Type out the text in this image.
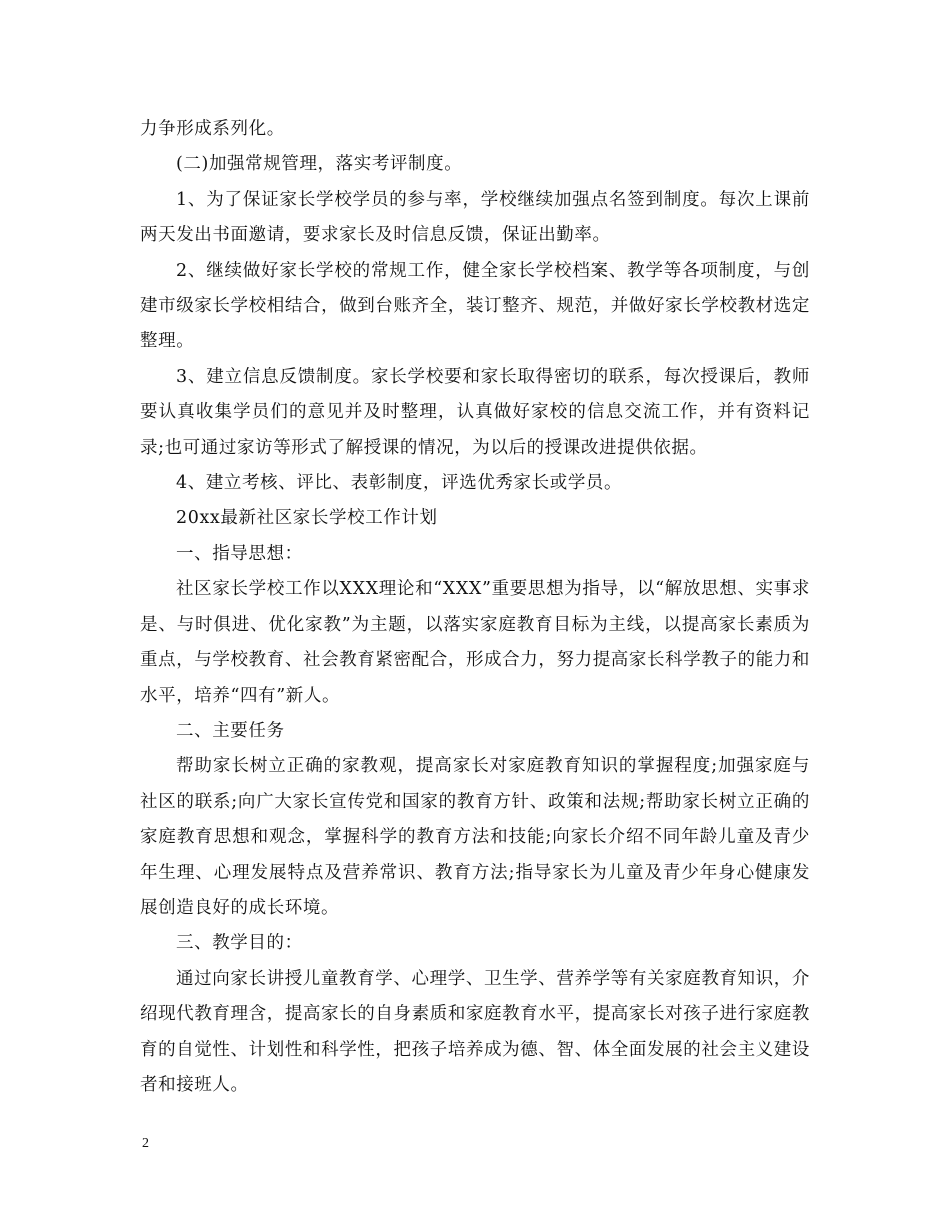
力争形成系列化。

(二)加强常规管理，落实考评制度。

1、为了保证家长学校学员的参与率，学校继续加强点名签到制度。每次上课前两天发出书面邀请，要求家长及时信息反馈，保证出勤率。

2、继续做好家长学校的常规工作，健全家长学校档案、教学等各项制度，与创建市级家长学校相结合，做到台账齐全，装订整齐、规范，并做好家长学校教材选定整理。

3、建立信息反馈制度。家长学校要和家长取得密切的联系，每次授课后，教师要认真收集学员们的意见并及时整理，认真做好家校的信息交流工作，并有资料记录;也可通过家访等形式了解授课的情况，为以后的授课改进提供依据。

4、建立考核、评比、表彰制度，评选优秀家长或学员。

20xx最新社区家长学校工作计划

一、指导思想：

社区家长学校工作以XXX理论和“XXX”重要思想为指导，以“解放思想、实事求是、与时俱进、优化家教”为主题，以落实家庭教育目标为主线，以提高家长素质为重点，与学校教育、社会教育紧密配合，形成合力，努力提高家长科学教子的能力和水平，培养“四有”新人。

二、主要任务

帮助家长树立正确的家教观，提高家长对家庭教育知识的掌握程度;加强家庭与社区的联系;向广大家长宣传党和国家的教育方针、政策和法规;帮助家长树立正确的家庭教育思想和观念，掌握科学的教育方法和技能;向家长介绍不同年龄儿童及青少年生理、心理发展特点及营养常识、教育方法;指导家长为儿童及青少年身心健康发展创造良好的成长环境。

三、教学目的：

通过向家长讲授儿童教育学、心理学、卫生学、营养学等有关家庭教育知识，介绍现代教育理含，提高家长的自身素质和家庭教育水平，提高家长对孩子进行家庭教育的自觉性、计划性和科学性，把孩子培养成为德、智、体全面发展的社会主义建设者和接班人。

2
